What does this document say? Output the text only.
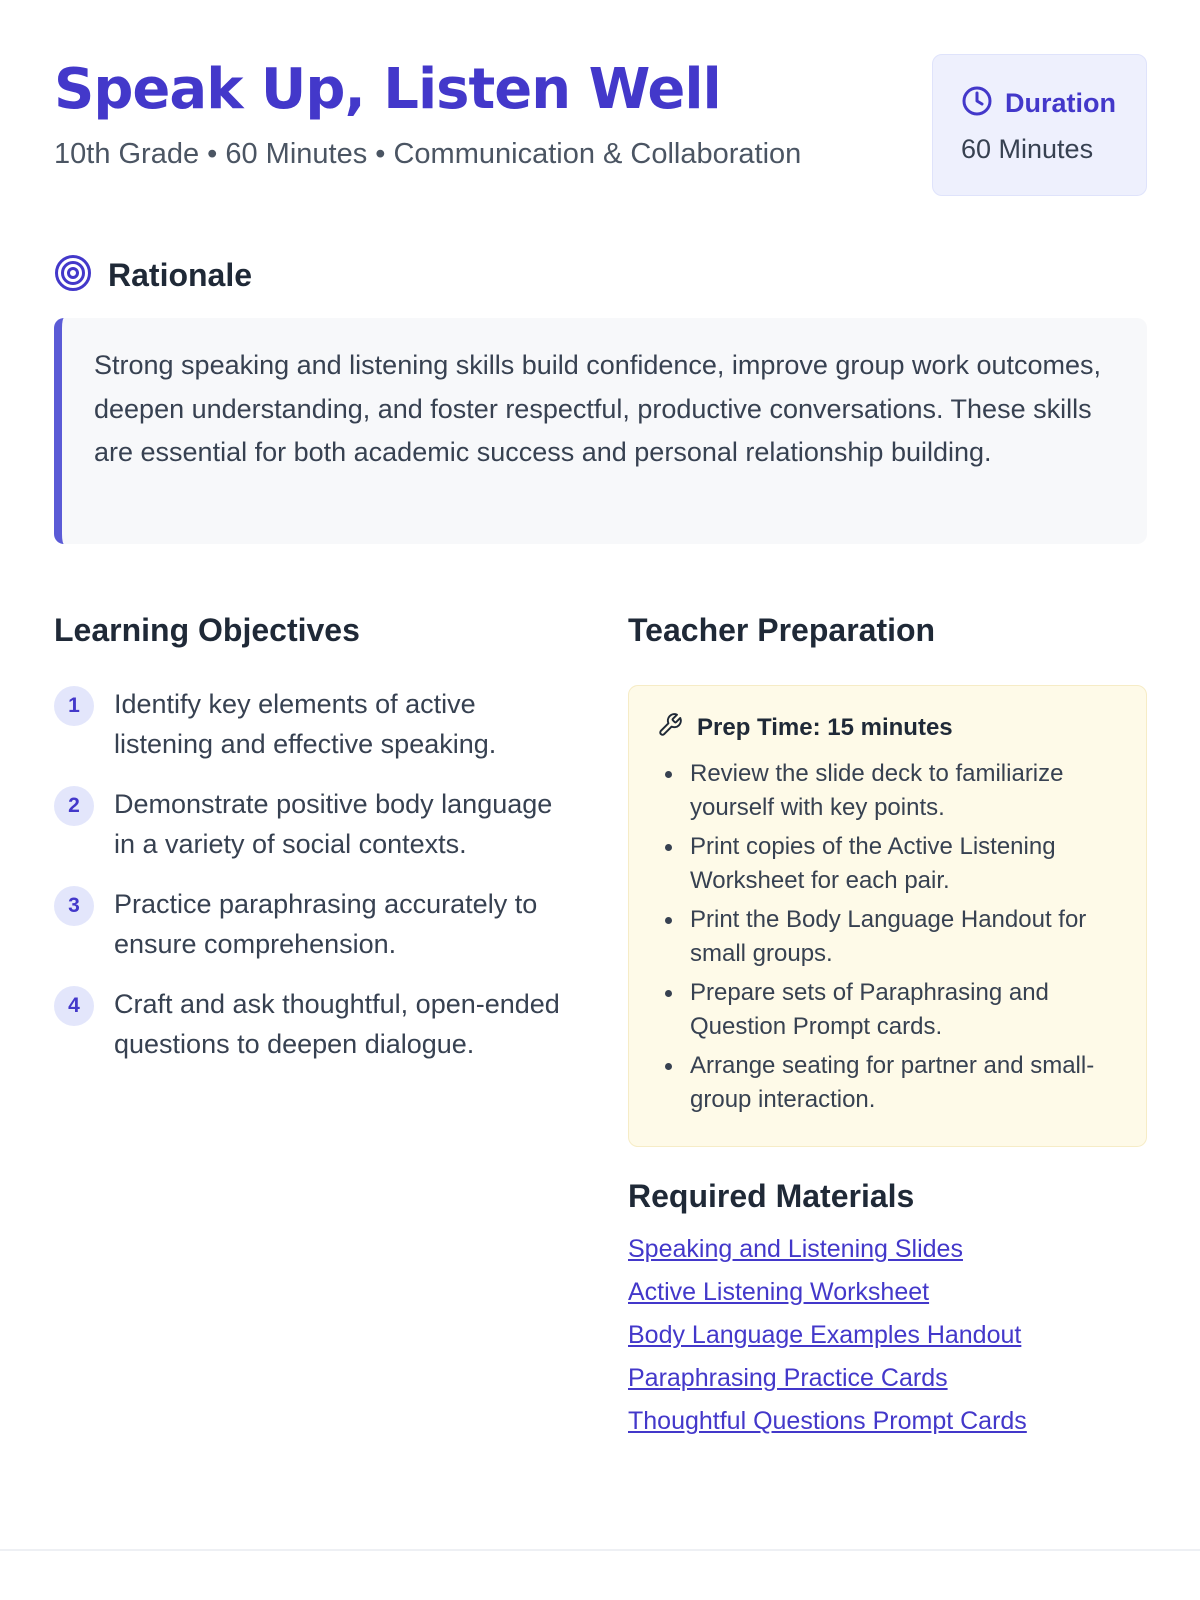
Speak Up, Listen Well
10th Grade • 60 Minutes • Communication & Collaboration
Duration
60 Minutes
Rationale

Strong speaking and listening skills build confidence, improve group work outcomes, deepen understanding, and foster respectful, productive conversations. These skills are essential for both academic success and personal relationship building.

Learning Objectives
1	Identify key elements of active listening and effective speaking.
2	Demonstrate positive body language in a variety of social contexts.
3	Practice paraphrasing accurately to ensure comprehension.
4	Craft and ask thoughtful, open-ended questions to deepen dialogue.
Teacher Preparation
Prep Time: 15 minutes
Review the slide deck to familiarize yourself with key points.
Print copies of the Active Listening Worksheet for each pair.
Print the Body Language Handout for small groups.
Prepare sets of Paraphrasing and Question Prompt cards.
Arrange seating for partner and small-group interaction.
Required Materials
Speaking and Listening Slides
Active Listening Worksheet
Body Language Examples Handout
Paraphrasing Practice Cards
Thoughtful Questions Prompt Cards
